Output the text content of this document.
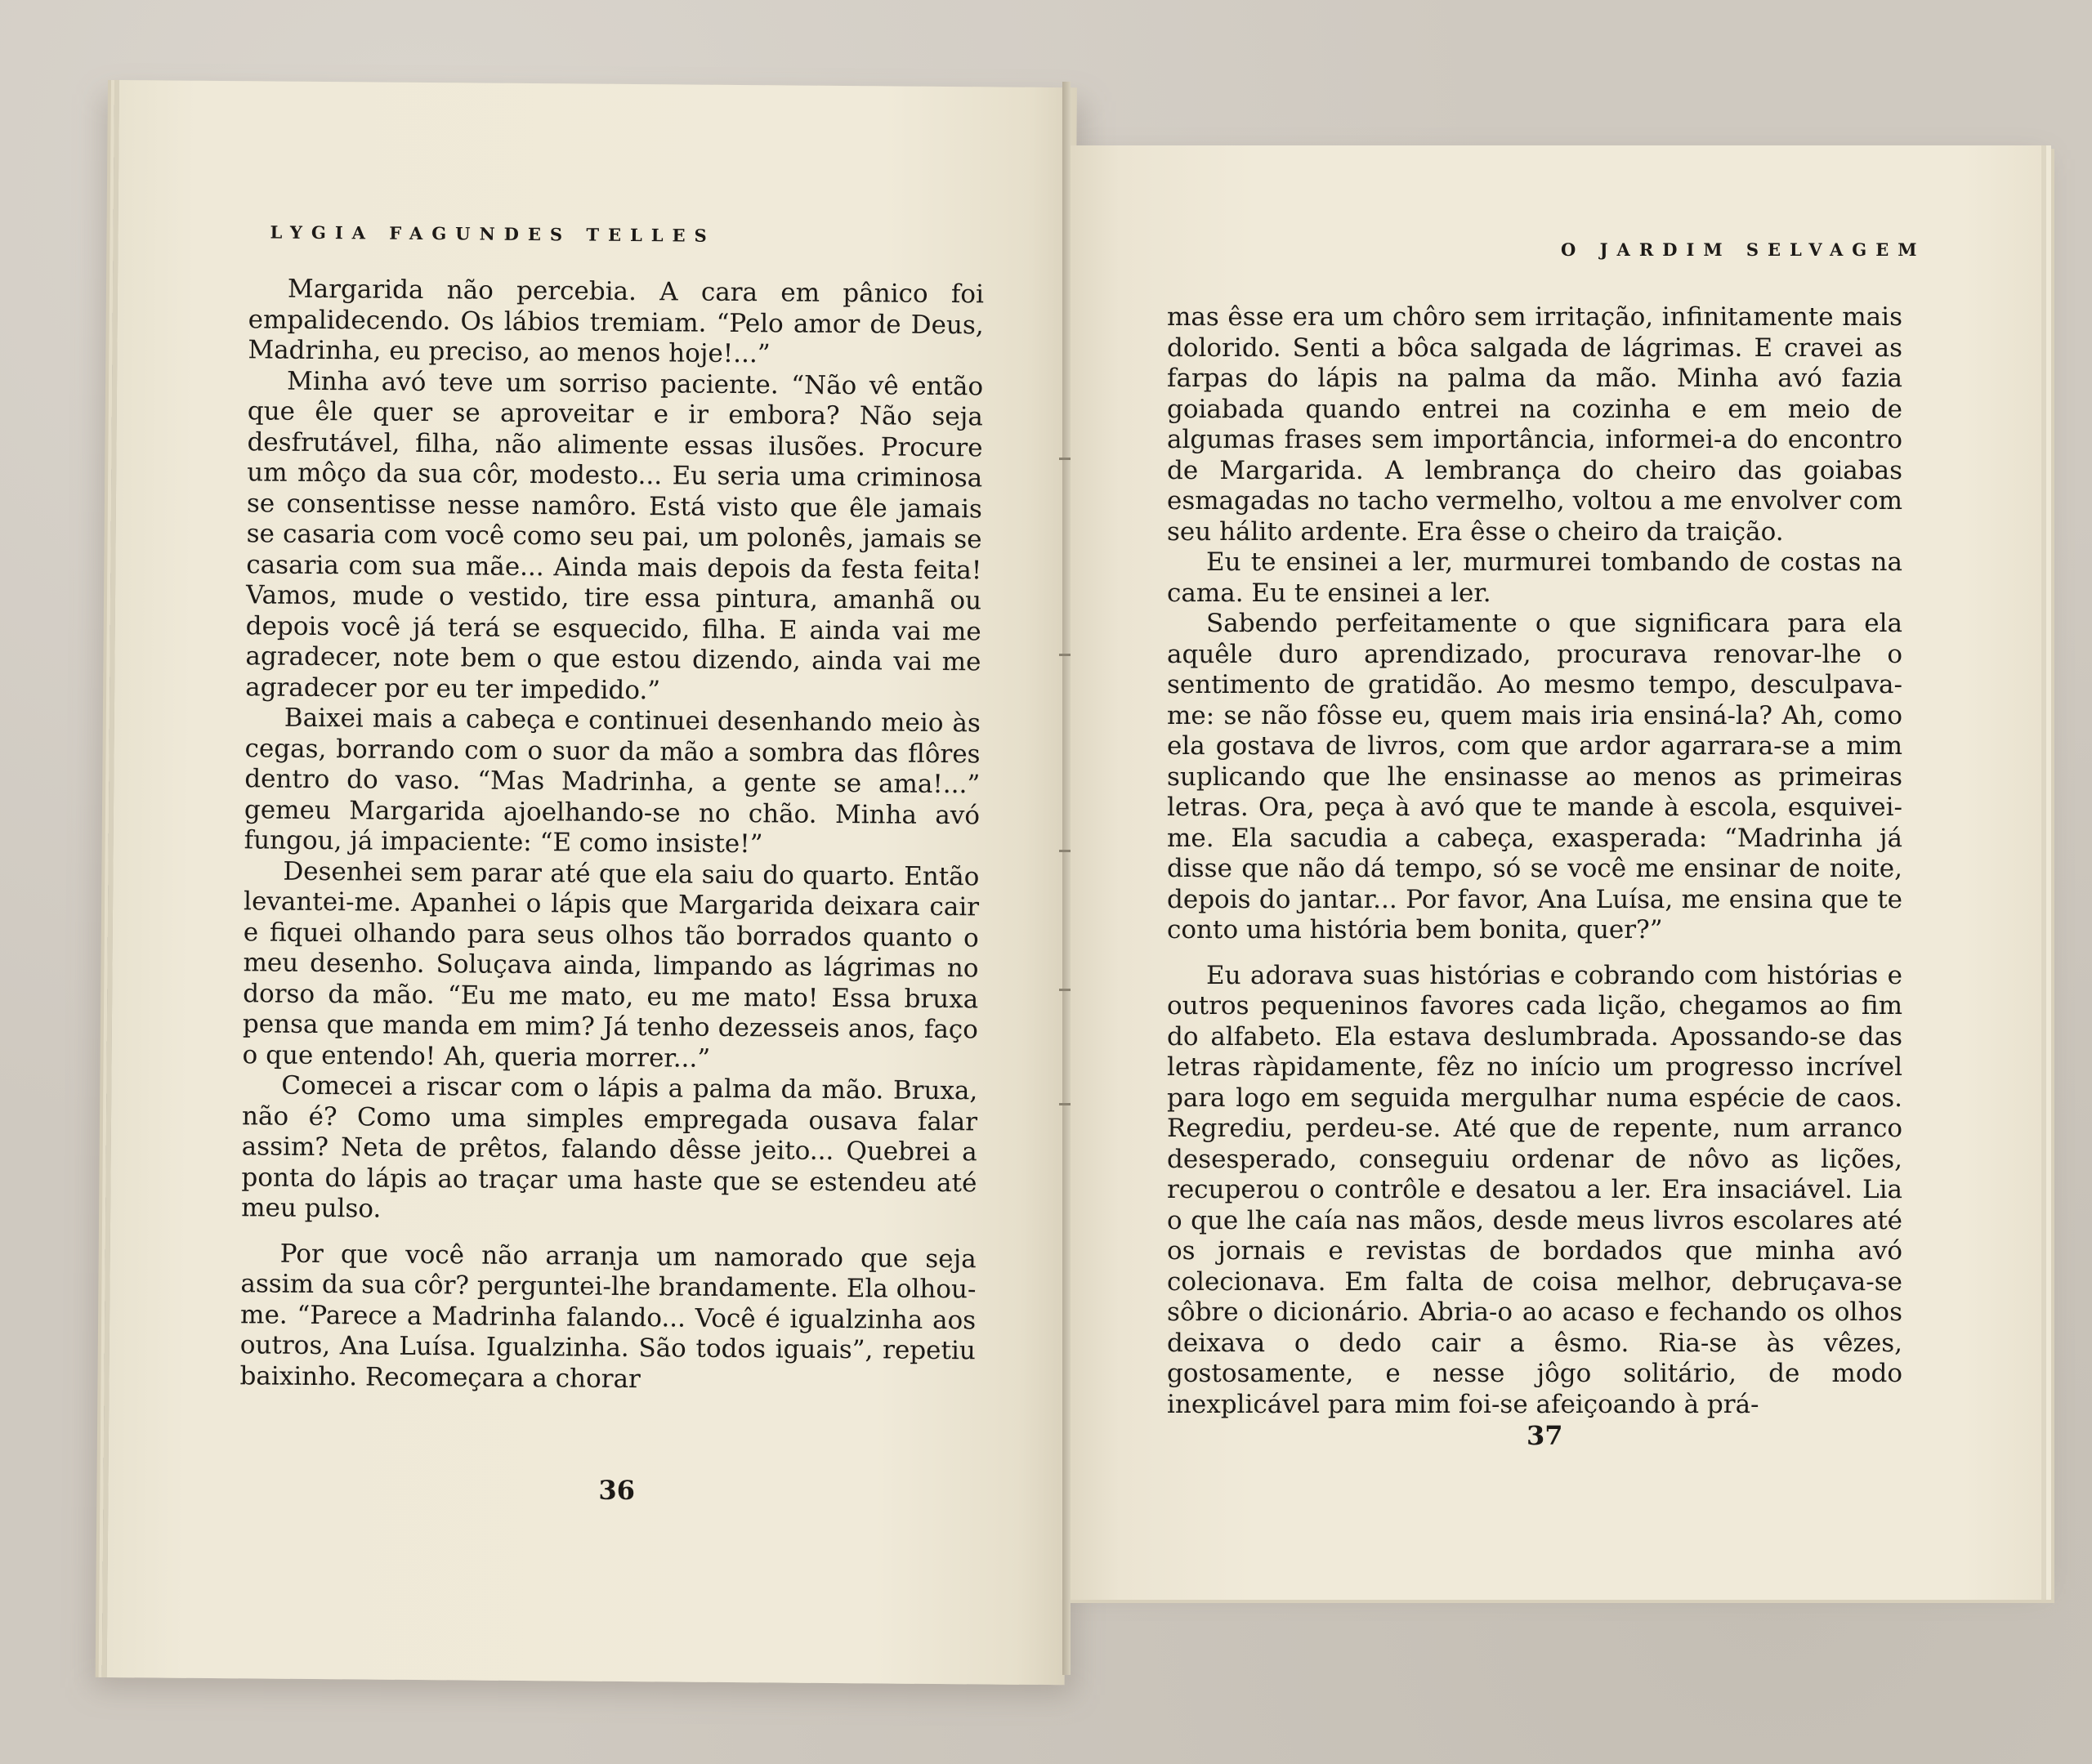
LYGIA FAGUNDES TELLES

Margarida não percebia. A cara em pânico foi empalidecendo. Os lábios tremiam. “Pelo amor de Deus, Madrinha, eu preciso, ao menos hoje!...”

Minha avó teve um sorriso paciente. “Não vê então que êle quer se aproveitar e ir embora? Não seja desfrutável, filha, não alimente essas ilusões. Procure um môço da sua côr, modesto... Eu seria uma criminosa se consentisse nesse namôro. Está visto que êle jamais se casaria com você como seu pai, um polonês, jamais se casaria com sua mãe... Ainda mais depois da festa feita! Vamos, mude o vestido, tire essa pintura, amanhã ou depois você já terá se esquecido, filha. E ainda vai me agradecer, note bem o que estou dizendo, ainda vai me agradecer por eu ter impedido.”

Baixei mais a cabeça e continuei desenhando meio às cegas, borrando com o suor da mão a sombra das flôres dentro do vaso. “Mas Madrinha, a gente se ama!...” gemeu Margarida ajoelhando-se no chão. Minha avó fungou, já impaciente: “E como insiste!”

Desenhei sem parar até que ela saiu do quarto. Então levantei-me. Apanhei o lápis que Margarida deixara cair e fiquei olhando para seus olhos tão borrados quanto o meu desenho. Soluçava ainda, limpando as lágrimas no dorso da mão. “Eu me mato, eu me mato! Essa bruxa pensa que manda em mim? Já tenho dezesseis anos, faço o que entendo! Ah, queria morrer...”

Comecei a riscar com o lápis a palma da mão. Bruxa, não é? Como uma simples empregada ousava falar assim? Neta de prêtos, falando dêsse jeito... Quebrei a ponta do lápis ao traçar uma haste que se estendeu até meu pulso.

Por que você não arranja um namorado que seja assim da sua côr? perguntei-lhe brandamente. Ela olhou-me. “Parece a Madrinha falando... Você é igualzinha aos outros, Ana Luísa. Igualzinha. São todos iguais”, repetiu baixinho. Recomeçara a chorar

36
O JARDIM SELVAGEM

mas êsse era um chôro sem irritação, infinitamente mais dolorido. Senti a bôca salgada de lágrimas. E cravei as farpas do lápis na palma da mão. Minha avó fazia goiabada quando entrei na cozinha e em meio de algumas frases sem importância, informei-a do encontro de Margarida. A lembrança do cheiro das goiabas esmagadas no tacho vermelho, voltou a me envolver com seu hálito ardente. Era êsse o cheiro da traição.

Eu te ensinei a ler, murmurei tombando de costas na cama. Eu te ensinei a ler.

Sabendo perfeitamente o que significara para ela aquêle duro aprendizado, procurava renovar-lhe o sentimento de gratidão. Ao mesmo tempo, desculpava-me: se não fôsse eu, quem mais iria ensiná-la? Ah, como ela gostava de livros, com que ardor agarrara-se a mim suplicando que lhe ensinasse ao menos as primeiras letras. Ora, peça à avó que te mande à escola, esquivei-me. Ela sacudia a cabeça, exasperada: “Madrinha já disse que não dá tempo, só se você me ensinar de noite, depois do jantar... Por favor, Ana Luísa, me ensina que te conto uma história bem bonita, quer?”

Eu adorava suas histórias e cobrando com histórias e outros pequeninos favores cada lição, chegamos ao fim do alfabeto. Ela estava deslumbrada. Apossando-se das letras ràpidamente, fêz no início um progresso incrível para logo em seguida mergulhar numa espécie de caos. Regrediu, perdeu-se. Até que de repente, num arranco desesperado, conseguiu ordenar de nôvo as lições, recuperou o contrôle e desatou a ler. Era insaciável. Lia o que lhe caía nas mãos, desde meus livros escolares até os jornais e revistas de bordados que minha avó colecionava. Em falta de coisa melhor, debruçava-se sôbre o dicionário. Abria-o ao acaso e fechando os olhos deixava o dedo cair a êsmo. Ria-se às vêzes, gostosamente, e nesse jôgo solitário, de modo inexplicável para mim foi-se afeiçoando à prá-

37
